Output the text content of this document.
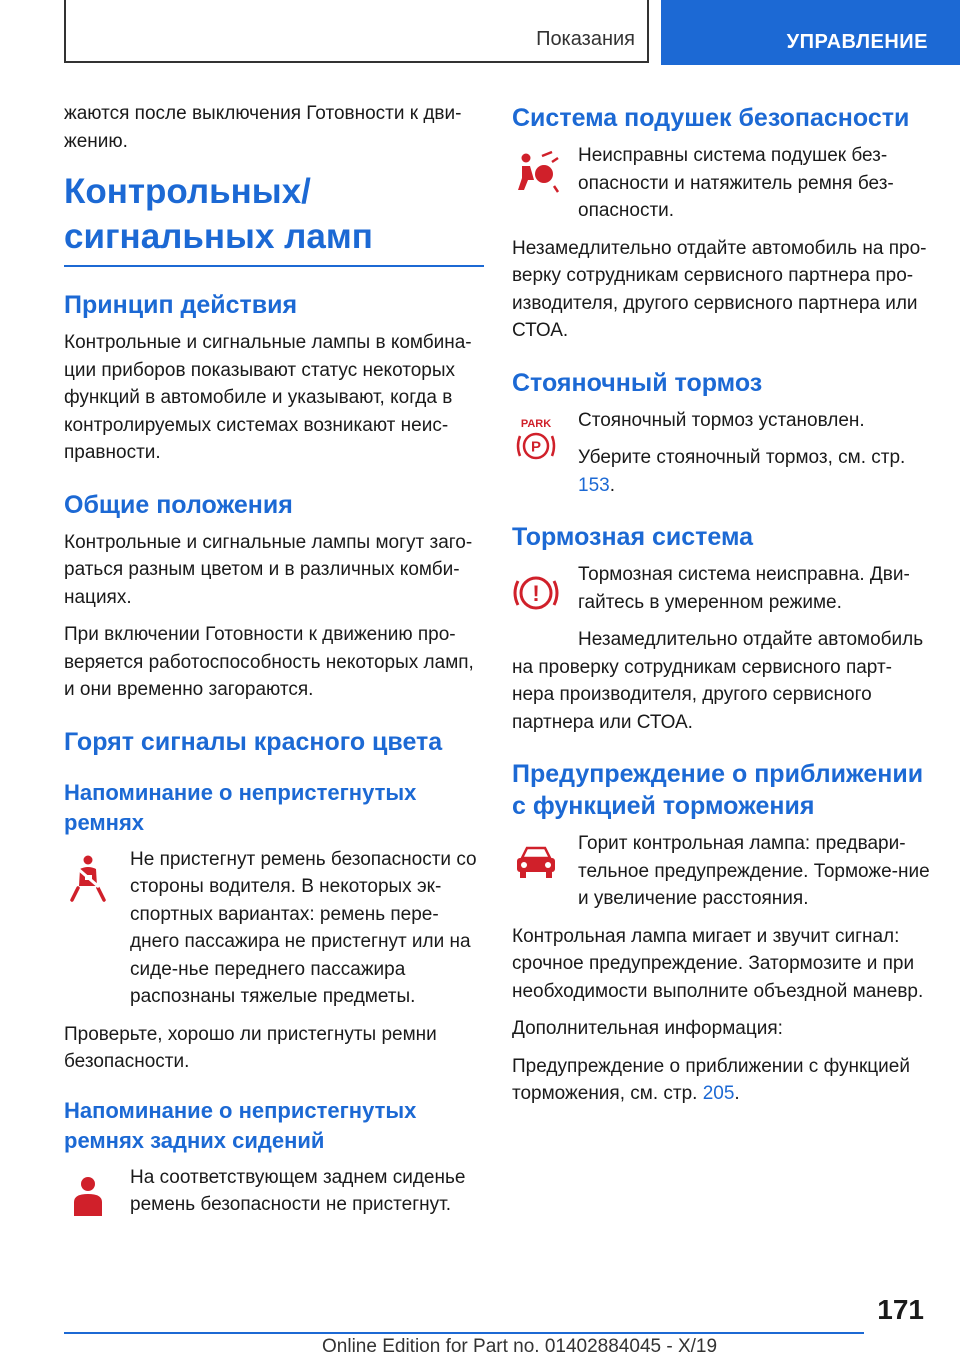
Показания	УПРАВЛЕНИЕ

жаются после выключения Готовности к дви-жению.

Контрольных/сигнальных ламп
Принцип действия

Контрольные и сигнальные лампы в комбина-ции приборов показывают статус некоторых функций в автомобиле и указывают, когда в контролируемых системах возникают неис-правности.

Общие положения

Контрольные и сигнальные лампы могут заго-раться разным цветом и в различных комби-нациях.

При включении Готовности к движению про-веряется работоспособность некоторых ламп, и они временно загораются.

Горят сигналы красного цвета
Напоминание о непристегнутых ремнях

Не пристегнут ремень безопасности со стороны водителя. В некоторых эк-спортных вариантах: ремень пере-днего пассажира не пристегнут или на сиде-нье переднего пассажира распознаны тяжелые предметы.

Проверьте, хорошо ли пристегнуты ремни безопасности.

Напоминание о непристегнутых ремнях задних сидений

На соответствующем заднем сиденье ремень безопасности не пристегнут.

Система подушек безопасности

Неисправны система подушек без-опасности и натяжитель ремня без-опасности.

Незамедлительно отдайте автомобиль на про-верку сотрудникам сервисного партнера про-изводителя, другого сервисного партнера или СТОА.

Стояночный тормоз
PARK
P

Стояночный тормоз установлен.

Уберите стояночный тормоз, см. стр. 153.

Тормозная система
!

Тормозная система неисправна. Дви-гайтесь в умеренном режиме.

Незамедлительно отдайте автомобиль на проверку сотрудникам сервисного парт-нера производителя, другого сервисного партнера или СТОА.

Предупреждение о приближении с функцией торможения

Горит контрольная лампа: предвари-тельное предупреждение. Торможе-ние и увеличение расстояния.

Контрольная лампа мигает и звучит сигнал: срочное предупреждение. Затормозите и при необходимости выполните объездной маневр.

Дополнительная информация:

Предупреждение о приближении с функцией торможения, см. стр. 205.

171
Online Edition for Part no. 01402884045 - X/19
